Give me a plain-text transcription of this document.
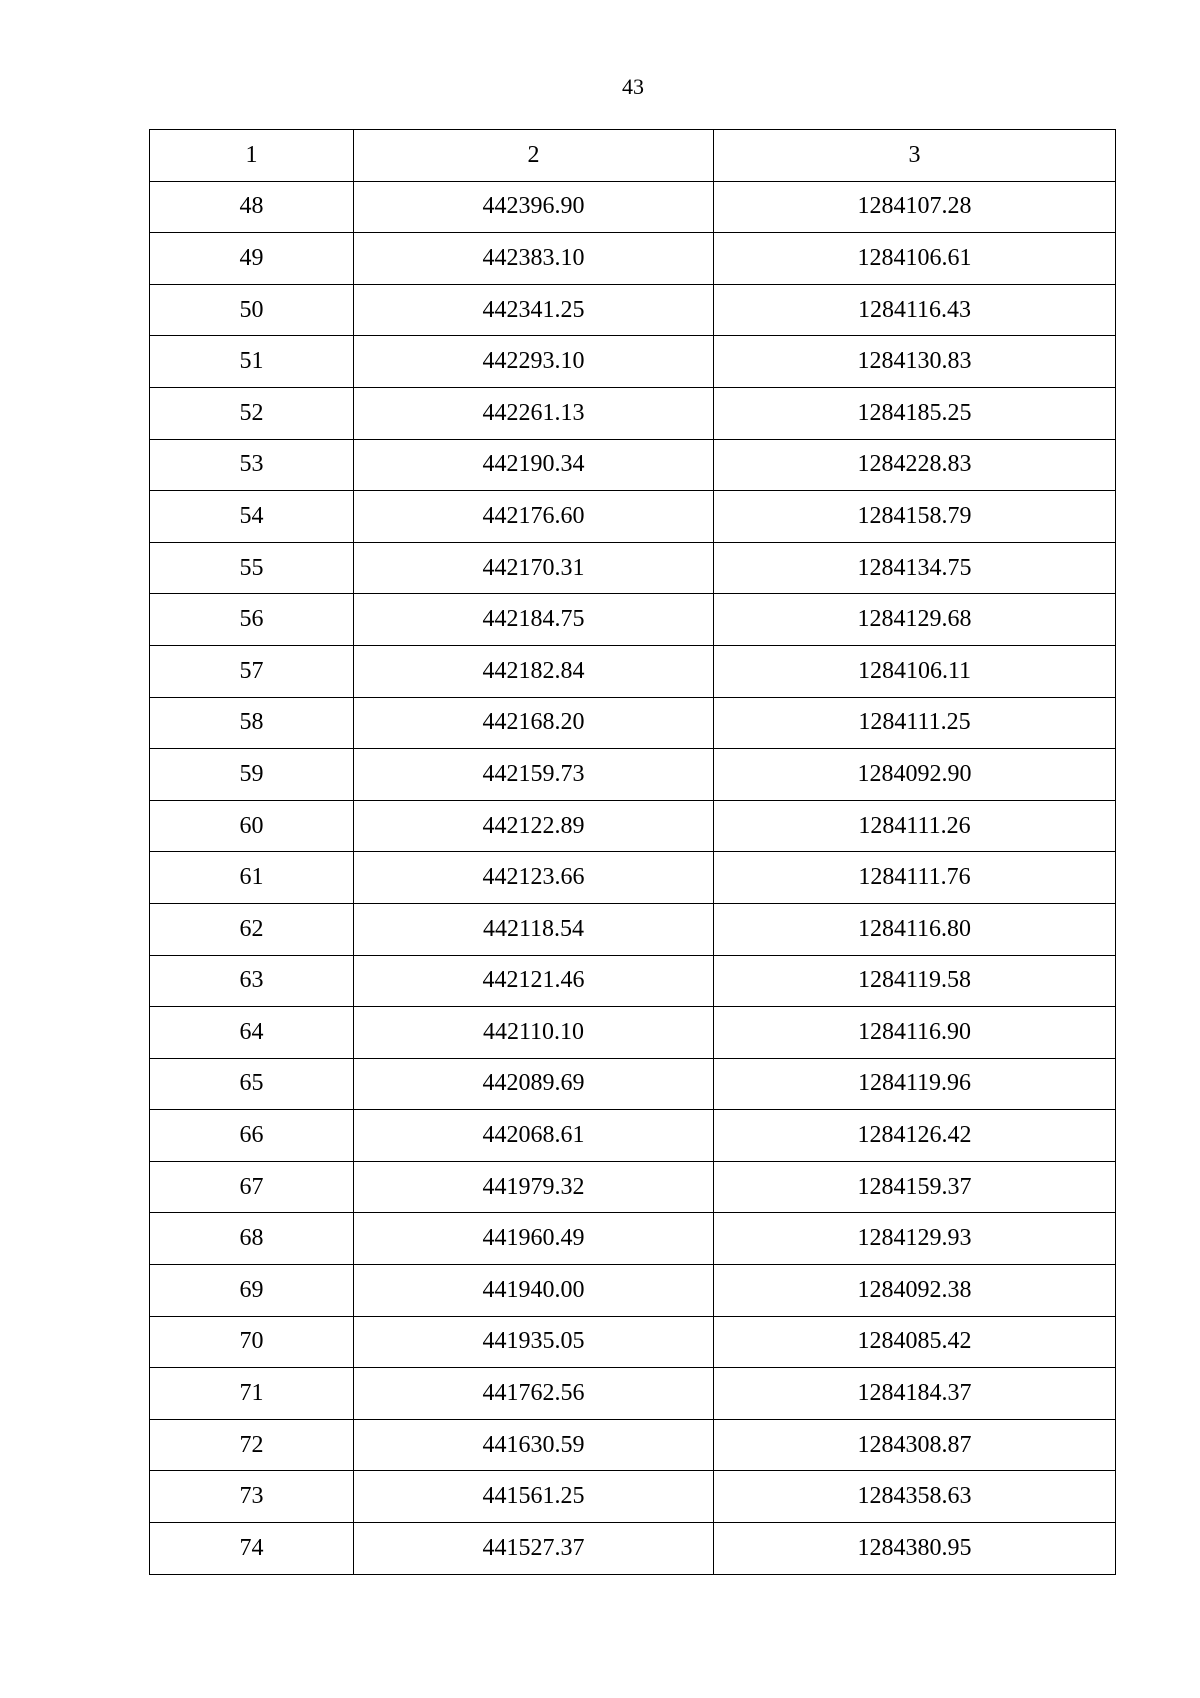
43
1	2	3
48	442396.90	1284107.28
49	442383.10	1284106.61
50	442341.25	1284116.43
51	442293.10	1284130.83
52	442261.13	1284185.25
53	442190.34	1284228.83
54	442176.60	1284158.79
55	442170.31	1284134.75
56	442184.75	1284129.68
57	442182.84	1284106.11
58	442168.20	1284111.25
59	442159.73	1284092.90
60	442122.89	1284111.26
61	442123.66	1284111.76
62	442118.54	1284116.80
63	442121.46	1284119.58
64	442110.10	1284116.90
65	442089.69	1284119.96
66	442068.61	1284126.42
67	441979.32	1284159.37
68	441960.49	1284129.93
69	441940.00	1284092.38
70	441935.05	1284085.42
71	441762.56	1284184.37
72	441630.59	1284308.87
73	441561.25	1284358.63
74	441527.37	1284380.95
